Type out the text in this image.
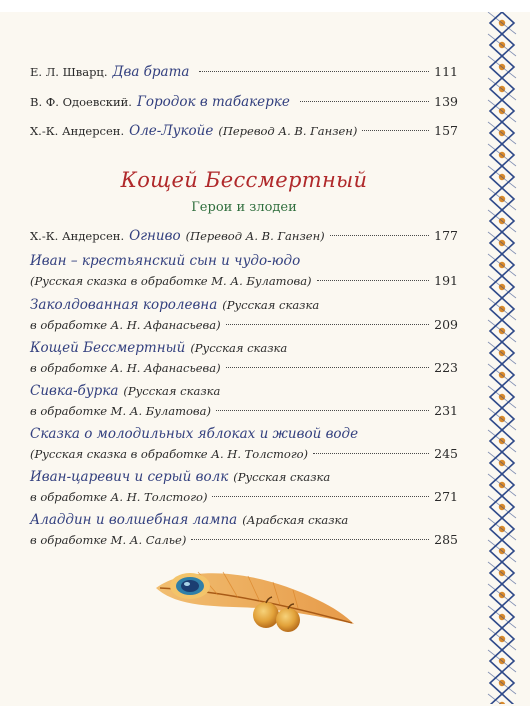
Е. Л. Шварц. Два брата	111
В. Ф. Одоевский. Городок в табакерке	139
Х.-К. Андерсен. Оле-Лукойе (Перевод А. В. Ганзен)	157
Кощей Бессмертный
Герои и злодеи
Х.-К. Андерсен. Огниво (Перевод А. В. Ганзен)	177
Иван – крестьянский сын и чудо-юдо
(Русская сказка в обработке М. А. Булатова)	191
Заколдованная королевна (Русская сказка
в обработке А. Н. Афанасьева)	209
Кощей Бессмертный (Русская сказка
в обработке А. Н. Афанасьева)	223
Сивка-бурка (Русская сказка
в обработке М. А. Булатова)	231
Сказка о молодильных яблоках и живой воде
(Русская сказка в обработке А. Н. Толстого)	245
Иван-царевич и серый волк (Русская сказка
в обработке А. Н. Толстого)	271
Аладдин и волшебная лампа (Арабская сказка
в обработке М. А. Салье)	285
